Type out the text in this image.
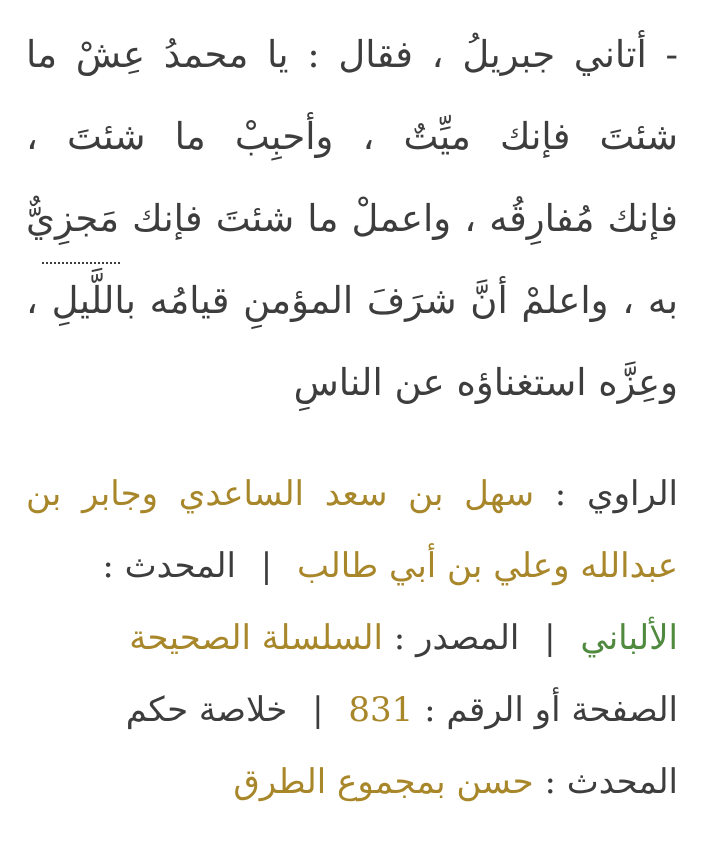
- أتاني جبريلُ ، فقال : يا محمدُ عِشْ ما
شئتَ فإنك ميِّتٌ ، وأحبِبْ ما شئتَ ،
فإنك مُفارِقُه ، واعملْ ما شئتَ فإنك مَجزِيٌّ
به ، واعلمْ أنَّ شرَفَ المؤمنِ قيامُه باللَّيلِ ،
وعِزَّه استغناؤه عن الناسِ
الراوي : سهل بن سعد الساعدي وجابر بن
عبدالله وعلي بن أبي طالب | المحدث :
الألباني | المصدر : السلسلة الصحيحة
الصفحة أو الرقم : 831 | خلاصة حكم
المحدث : حسن بمجموع الطرق
